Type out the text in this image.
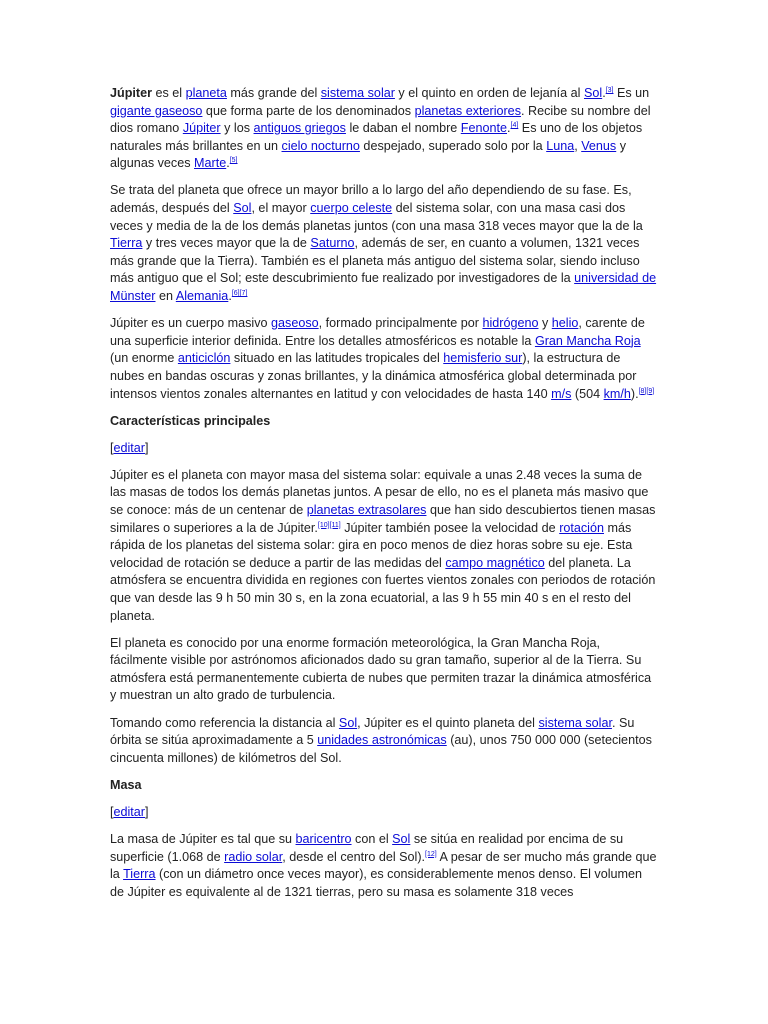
Júpiter es el planeta más grande del sistema solar y el quinto en orden de lejanía al Sol.[3] Es un gigante gaseoso que forma parte de los denominados planetas exteriores. Recibe su nombre del dios romano Júpiter y los antiguos griegos le daban el nombre Fenonte.[4] Es uno de los objetos naturales más brillantes en un cielo nocturno despejado, superado solo por la Luna, Venus y algunas veces Marte.[5]

Se trata del planeta que ofrece un mayor brillo a lo largo del año dependiendo de su fase. Es, además, después del Sol, el mayor cuerpo celeste del sistema solar, con una masa casi dos veces y media de la de los demás planetas juntos (con una masa 318 veces mayor que la de la Tierra y tres veces mayor que la de Saturno, además de ser, en cuanto a volumen, 1321 veces más grande que la Tierra). También es el planeta más antiguo del sistema solar, siendo incluso más antiguo que el Sol; este descubrimiento fue realizado por investigadores de la universidad de Münster en Alemania.[6][7]

Júpiter es un cuerpo masivo gaseoso, formado principalmente por hidrógeno y helio, carente de una superficie interior definida. Entre los detalles atmosféricos es notable la Gran Mancha Roja (un enorme anticiclón situado en las latitudes tropicales del hemisferio sur), la estructura de nubes en bandas oscuras y zonas brillantes, y la dinámica atmosférica global determinada por intensos vientos zonales alternantes en latitud y con velocidades de hasta 140 m/s (504 km/h).[8][9]

Características principales

[editar]

Júpiter es el planeta con mayor masa del sistema solar: equivale a unas 2.48 veces la suma de las masas de todos los demás planetas juntos. A pesar de ello, no es el planeta más masivo que se conoce: más de un centenar de planetas extrasolares que han sido descubiertos tienen masas similares o superiores a la de Júpiter.[10][11] Júpiter también posee la velocidad de rotación más rápida de los planetas del sistema solar: gira en poco menos de diez horas sobre su eje. Esta velocidad de rotación se deduce a partir de las medidas del campo magnético del planeta. La atmósfera se encuentra dividida en regiones con fuertes vientos zonales con periodos de rotación que van desde las 9 h 50 min 30 s, en la zona ecuatorial, a las 9 h 55 min 40 s en el resto del planeta.

El planeta es conocido por una enorme formación meteorológica, la Gran Mancha Roja, fácilmente visible por astrónomos aficionados dado su gran tamaño, superior al de la Tierra. Su atmósfera está permanentemente cubierta de nubes que permiten trazar la dinámica atmosférica y muestran un alto grado de turbulencia.

Tomando como referencia la distancia al Sol, Júpiter es el quinto planeta del sistema solar. Su órbita se sitúa aproximadamente a 5 unidades astronómicas (au), unos 750 000 000 (setecientos cincuenta millones) de kilómetros del Sol.

Masa

[editar]

La masa de Júpiter es tal que su baricentro con el Sol se sitúa en realidad por encima de su superficie (1.068 de radio solar, desde el centro del Sol).[12] A pesar de ser mucho más grande que la Tierra (con un diámetro once veces mayor), es considerablemente menos denso. El volumen de Júpiter es equivalente al de 1321 tierras, pero su masa es solamente 318 veces
